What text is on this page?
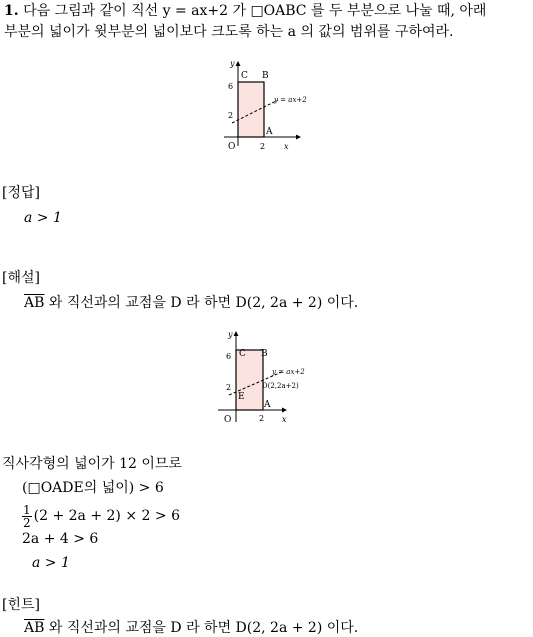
1. 다음 그림과 같이 직선 y = ax+2 가 □OABC 를 두 부분으로 나눌 때, 아래
부분의 넓이가 윗부분의 넓이보다 크도록 하는 a 의 값의 범위를 구하여라.
y
x
C B
A
O
6
2
2
y = ax+2
[정답]
a > 1
[해설]
$\overline{AB}$ 와 직선과의 교점을 D 라 하면 D(2, 2a + 2) 이다.
y
x
C B
A
O
E
D(2,2a+2)
6
2
2
y = ax+2
직사각형의 넓이가 12 이므로
(□OADE의 넓이) > 6
$\frac{1}{2} (2 + 2a + 2) \times 2 > 6$
2a + 4 > 6
a > 1
[힌트]
$\overline{AB}$ 와 직선과의 교점을 D 라 하면 D(2, 2a + 2) 이다.
